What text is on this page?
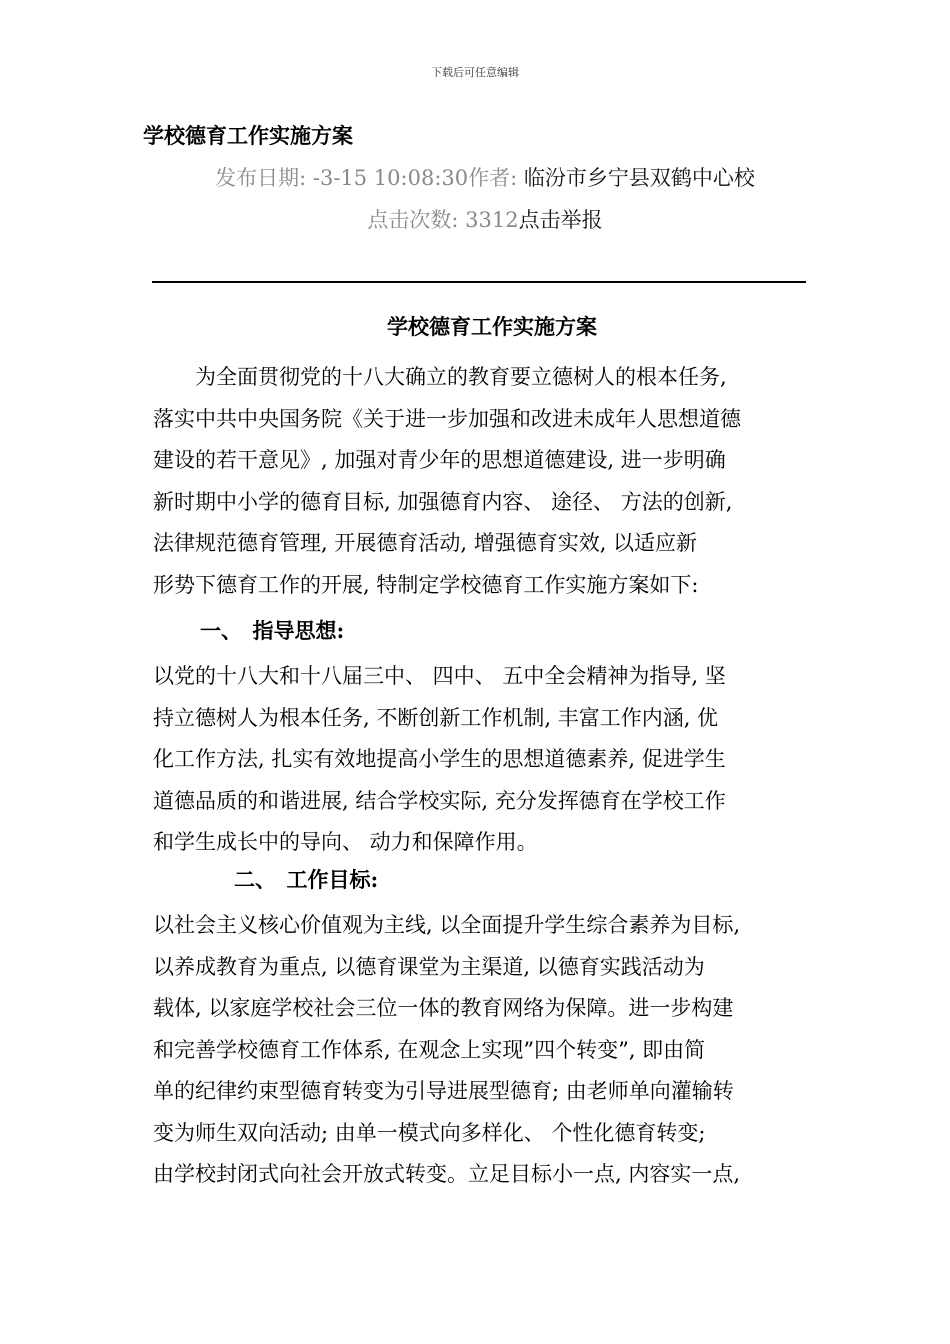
下载后可任意编辑
学校德育工作实施方案
发布日期: -3-15 10:08:30作者: 临汾市乡宁县双鹤中心校
点击次数: 3312点击举报
学校德育工作实施方案
　　为全面贯彻党的十八大确立的教育要立德树人的根本任务,
落实中共中央国务院《关于进一步加强和改进未成年人思想道德
建设的若干意见》, 加强对青少年的思想道德建设, 进一步明确
新时期中小学的德育目标, 加强德育内容、 途径、 方法的创新,
法律规范德育管理, 开展德育活动, 增强德育实效, 以适应新
形势下德育工作的开展, 特制定学校德育工作实施方案如下:
一、　指导思想:
以党的十八大和十八届三中、 四中、 五中全会精神为指导, 坚
持立德树人为根本任务, 不断创新工作机制, 丰富工作内涵, 优
化工作方法, 扎实有效地提高小学生的思想道德素养, 促进学生
道德品质的和谐进展, 结合学校实际, 充分发挥德育在学校工作
和学生成长中的导向、 动力和保障作用。
二、　工作目标:
以社会主义核心价值观为主线, 以全面提升学生综合素养为目标,
以养成教育为重点, 以德育课堂为主渠道, 以德育实践活动为
载体, 以家庭学校社会三位一体的教育网络为保障。进一步构建
和完善学校德育工作体系, 在观念上实现”四个转变”, 即由简
单的纪律约束型德育转变为引导进展型德育; 由老师单向灌输转
变为师生双向活动; 由单一模式向多样化、 个性化德育转变;
由学校封闭式向社会开放式转变。立足目标小一点, 内容实一点,
